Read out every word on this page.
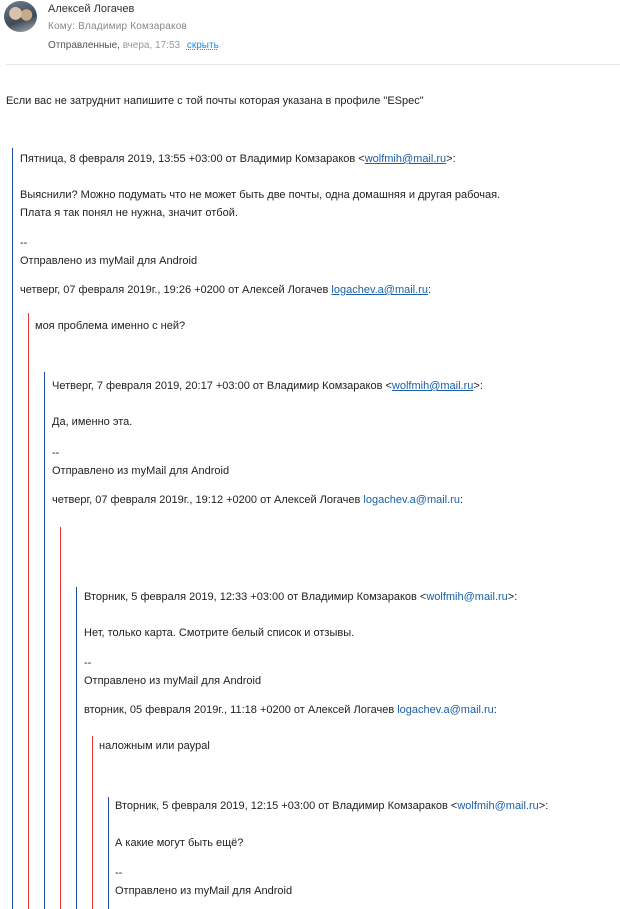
Алексей Логачев
Кому: Владимир Комзараков
Отправленные, вчера, 17:53 скрыть
Если вас не затруднит напишите с той почты которая указана в профиле "ESpec"
Пятница, 8 февраля 2019, 13:55 +03:00 от Владимир Комзараков <wolfmih@mail.ru>:
Выяснили? Можно подумать что не может быть две почты, одна домашняя и другая рабочая.
Плата я так понял не нужна, значит отбой.
--
Отправлено из myMail для Android
четверг, 07 февраля 2019г., 19:26 +0200 от Алексей Логачев logachev.a@mail.ru:
моя проблема именно с ней?
Четверг, 7 февраля 2019, 20:17 +03:00 от Владимир Комзараков <wolfmih@mail.ru>:
Да, именно эта.
--
Отправлено из myMail для Android
четверг, 07 февраля 2019г., 19:12 +0200 от Алексей Логачев logachev.a@mail.ru:
Вторник, 5 февраля 2019, 12:33 +03:00 от Владимир Комзараков <wolfmih@mail.ru>:
Нет, только карта. Смотрите белый список и отзывы.
--
Отправлено из myMail для Android
вторник, 05 февраля 2019г., 11:18 +0200 от Алексей Логачев logachev.a@mail.ru:
наложным или paypal
Вторник, 5 февраля 2019, 12:15 +03:00 от Владимир Комзараков <wolfmih@mail.ru>:
А какие могут быть ещё?
--
Отправлено из myMail для Android
